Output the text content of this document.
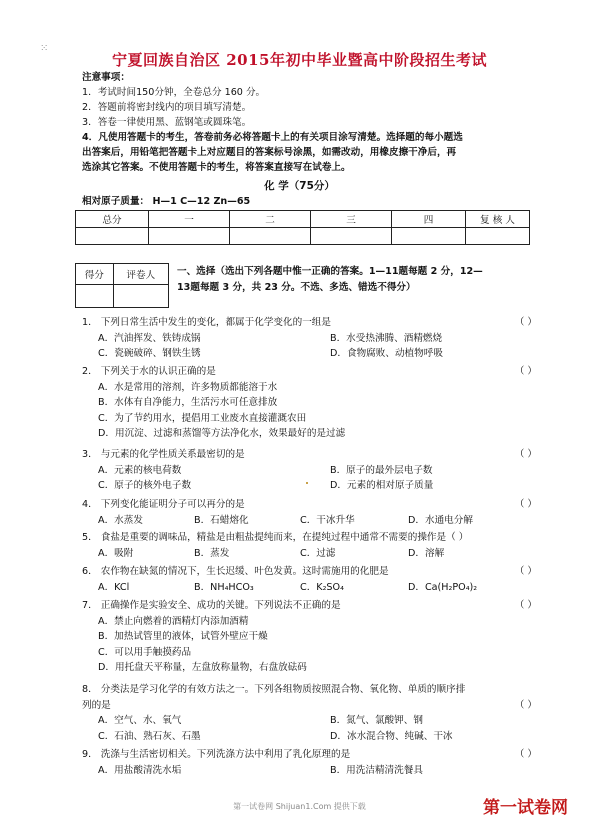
⁙
宁夏回族自治区 2015年初中毕业暨高中阶段招生考试
注意事项：
1．考试时间150分钟，全卷总分 160 分。
2．答题前将密封线内的项目填写清楚。
3．答卷一律使用黑、蓝钢笔或圆珠笔。
4．凡使用答题卡的考生，答卷前务必将答题卡上的有关项目涂写清楚。选择题的每小题选
出答案后，用铅笔把答题卡上对应题目的答案标号涂黑，如需改动，用橡皮擦干净后，再
选涂其它答案。不使用答题卡的考生，将答案直接写在试卷上。
化 学（75分）
相对原子质量： H—1 C—12 Zn—65
总分	一	二	三	四	复 核 人

得分	评卷人
	一、选择（选出下列各题中惟一正确的答案。1—11题每题 2 分，12—
13题每题 3 分，共 23 分。不选、多选、错选不得分）
1． 下列日常生活中发生的变化，都属于化学变化的一组是	（ ）
A．汽油挥发、铁铸成锅	B．水受热沸腾、酒精燃烧
C．瓷碗破碎、钢铁生锈	D．食物腐败、动植物呼吸
2． 下列关于水的认识正确的是	（ ）
A．水是常用的溶剂，许多物质都能溶于水
B．水体有自净能力，生活污水可任意排放
C．为了节约用水，提倡用工业废水直接灌溉农田
D．用沉淀、过滤和蒸馏等方法净化水，效果最好的是过滤
3． 与元素的化学性质关系最密切的是	（ ）
A．元素的核电荷数	B．原子的最外层电子数
C．原子的核外电子数	D．元素的相对原子质量
4． 下列变化能证明分子可以再分的是	（ ）
A．水蒸发	B．石蜡熔化	C．干冰升华	D．水通电分解
5． 食盐是重要的调味品，精盐是由粗盐提纯而来，在提纯过程中通常不需要的操作是（ ）
A．吸附	B．蒸发	C．过滤	D．溶解
6． 农作物在缺氮的情况下，生长迟缓、叶色发黄。这时需施用的化肥是	（ ）
A．KCl	B．NH₄HCO₃	C．K₂SO₄	D．Ca(H₂PO₄)₂
7． 正确操作是实验安全、成功的关键。下列说法不正确的是	（ ）
A．禁止向燃着的酒精灯内添加酒精
B．加热试管里的液体，试管外壁应干燥
C．可以用手触摸药品
D．用托盘天平称量，左盘放称量物，右盘放砝码
8． 分类法是学习化学的有效方法之一。下列各组物质按照混合物、氧化物、单质的顺序排
列的是	（ ）
A．空气、水、氧气	B．氮气、氯酸钾、钢
C．石油、熟石灰、石墨	D．冰水混合物、纯碱、干冰
9． 洗涤与生活密切相关。下列洗涤方法中利用了乳化原理的是	（ ）
A．用盐酸清洗水垢	B．用洗洁精清洗餐具
第一试卷网 Shijuan1.Com 提供下载	第一试卷网
